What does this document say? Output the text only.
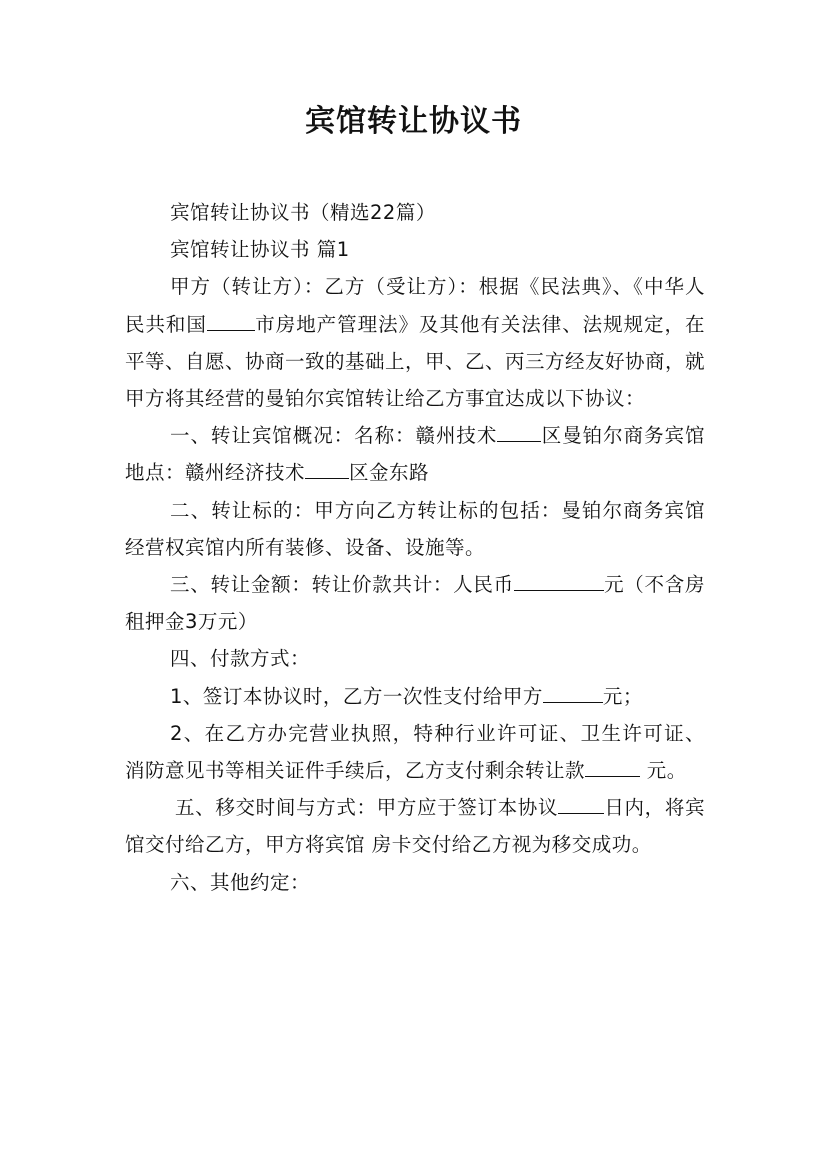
宾馆转让协议书

宾馆转让协议书（精选22篇）

宾馆转让协议书 篇1

甲方（转让方）：乙方（受让方）：根据《民法典》、《中华人民共和国 市房地产管理法》及其他有关法律、法规规定，在平等、自愿、协商一致的基础上，甲、乙、丙三方经友好协商，就甲方将其经营的曼铂尔宾馆转让给乙方事宜达成以下协议：

一、转让宾馆概况：名称：赣州技术 区曼铂尔商务宾馆地点：赣州经济技术 区金东路

二、转让标的：甲方向乙方转让标的包括：曼铂尔商务宾馆经营权宾馆内所有装修、设备、设施等。

三、转让金额：转让价款共计：人民币	元（不含房租押金3万元）

四、付款方式：

1、签订本协议时，乙方一次性支付给甲方	元；

2、在乙方办完营业执照，特种行业许可证、卫生许可证、 消防意见书等相关证件手续后，乙方支付剩余转让款	元。

五、移交时间与方式：甲方应于签订本协议 日内，将宾馆交付给乙方，甲方将宾馆 房卡交付给乙方视为移交成功。

六、其他约定：
